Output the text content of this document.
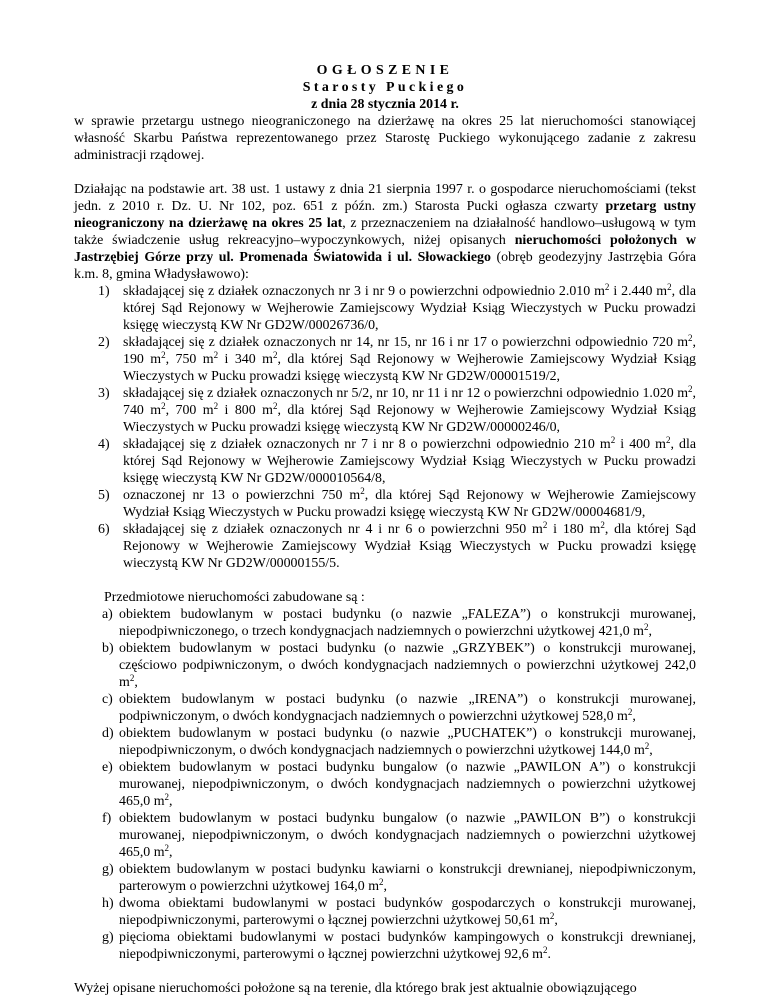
OGŁOSZENIE
Starosty Puckiego
z dnia 28 stycznia 2014 r.

w sprawie przetargu ustnego nieograniczonego na dzierżawę na okres 25 lat nieruchomości stanowiącej własność Skarbu Państwa reprezentowanego przez Starostę Puckiego wykonującego zadanie z zakresu administracji rządowej.

Działając na podstawie art. 38 ust. 1 ustawy z dnia 21 sierpnia 1997 r. o gospodarce nieruchomościami (tekst jedn. z 2010 r. Dz. U. Nr 102, poz. 651 z późn. zm.) Starosta Pucki ogłasza czwarty przetarg ustny nieograniczony na dzierżawę na okres 25 lat, z przeznaczeniem na działalność handlowo–usługową w tym także świadczenie usług rekreacyjno–wypoczynkowych, niżej opisanych nieruchomości położonych w Jastrzębiej Górze przy ul. Promenada Światowida i ul. Słowackiego (obręb geodezyjny Jastrzębia Góra k.m. 8, gmina Władysławowo):

1) składającej się z działek oznaczonych nr 3 i nr 9 o powierzchni odpowiednio 2.010 $m^2$ i 2.440 $m^2$, dla której Sąd Rejonowy w Wejherowie Zamiejscowy Wydział Ksiąg Wieczystych w Pucku prowadzi księgę wieczystą KW Nr GD2W/00026736/0,
2) składającej się z działek oznaczonych nr 14, nr 15, nr 16 i nr 17 o powierzchni odpowiednio 720 $m^2$, 190 $m^2$, 750 $m^2$ i 340 $m^2$, dla której Sąd Rejonowy w Wejherowie Zamiejscowy Wydział Ksiąg Wieczystych w Pucku prowadzi księgę wieczystą KW Nr GD2W/00001519/2,
3) składającej się z działek oznaczonych nr 5/2, nr 10, nr 11 i nr 12 o powierzchni odpowiednio 1.020 $m^2$, 740 $m^2$, 700 $m^2$ i 800 $m^2$, dla której Sąd Rejonowy w Wejherowie Zamiejscowy Wydział Ksiąg Wieczystych w Pucku prowadzi księgę wieczystą KW Nr GD2W/00000246/0,
4) składającej się z działek oznaczonych nr 7 i nr 8 o powierzchni odpowiednio 210 $m^2$ i 400 $m^2$, dla której Sąd Rejonowy w Wejherowie Zamiejscowy Wydział Ksiąg Wieczystych w Pucku prowadzi księgę wieczystą KW Nr GD2W/000010564/8,
5) oznaczonej nr 13 o powierzchni 750 $m^2$, dla której Sąd Rejonowy w Wejherowie Zamiejscowy Wydział Ksiąg Wieczystych w Pucku prowadzi księgę wieczystą KW Nr GD2W/00004681/9,
6) składającej się z działek oznaczonych nr 4 i nr 6 o powierzchni 950 $m^2$ i 180 $m^2$, dla której Sąd Rejonowy w Wejherowie Zamiejscowy Wydział Ksiąg Wieczystych w Pucku prowadzi księgę wieczystą KW Nr GD2W/00000155/5.

Przedmiotowe nieruchomości zabudowane są :

a) obiektem budowlanym w postaci budynku (o nazwie „FALEZA”) o konstrukcji murowanej, niepodpiwniczonego, o trzech kondygnacjach nadziemnych o powierzchni użytkowej 421,0 $m^2$,
b) obiektem budowlanym w postaci budynku (o nazwie „GRZYBEK”) o konstrukcji murowanej, częściowo podpiwniczonym, o dwóch kondygnacjach nadziemnych o powierzchni użytkowej 242,0 $m^2$,
c) obiektem budowlanym w postaci budynku (o nazwie „IRENA”) o konstrukcji murowanej, podpiwniczonym, o dwóch kondygnacjach nadziemnych o powierzchni użytkowej 528,0 $m^2$,
d) obiektem budowlanym w postaci budynku (o nazwie „PUCHATEK”) o konstrukcji murowanej, niepodpiwniczonym, o dwóch kondygnacjach nadziemnych o powierzchni użytkowej 144,0 $m^2$,
e) obiektem budowlanym w postaci budynku bungalow (o nazwie „PAWILON A”) o konstrukcji murowanej, niepodpiwniczonym, o dwóch kondygnacjach nadziemnych o powierzchni użytkowej 465,0 $m^2$,
f) obiektem budowlanym w postaci budynku bungalow (o nazwie „PAWILON B”) o konstrukcji murowanej, niepodpiwniczonym, o dwóch kondygnacjach nadziemnych o powierzchni użytkowej 465,0 $m^2$,
g) obiektem budowlanym w postaci budynku kawiarni o konstrukcji drewnianej, niepodpiwniczonym, parterowym o powierzchni użytkowej 164,0 $m^2$,
h) dwoma obiektami budowlanymi w postaci budynków gospodarczych o konstrukcji murowanej, niepodpiwniczonymi, parterowymi o łącznej powierzchni użytkowej 50,61 $m^2$,
g) pięcioma obiektami budowlanymi w postaci budynków kampingowych o konstrukcji drewnianej, niepodpiwniczonymi, parterowymi o łącznej powierzchni użytkowej 92,6 $m^2$.

Wyżej opisane nieruchomości położone są na terenie, dla którego brak jest aktualnie obowiązującego
